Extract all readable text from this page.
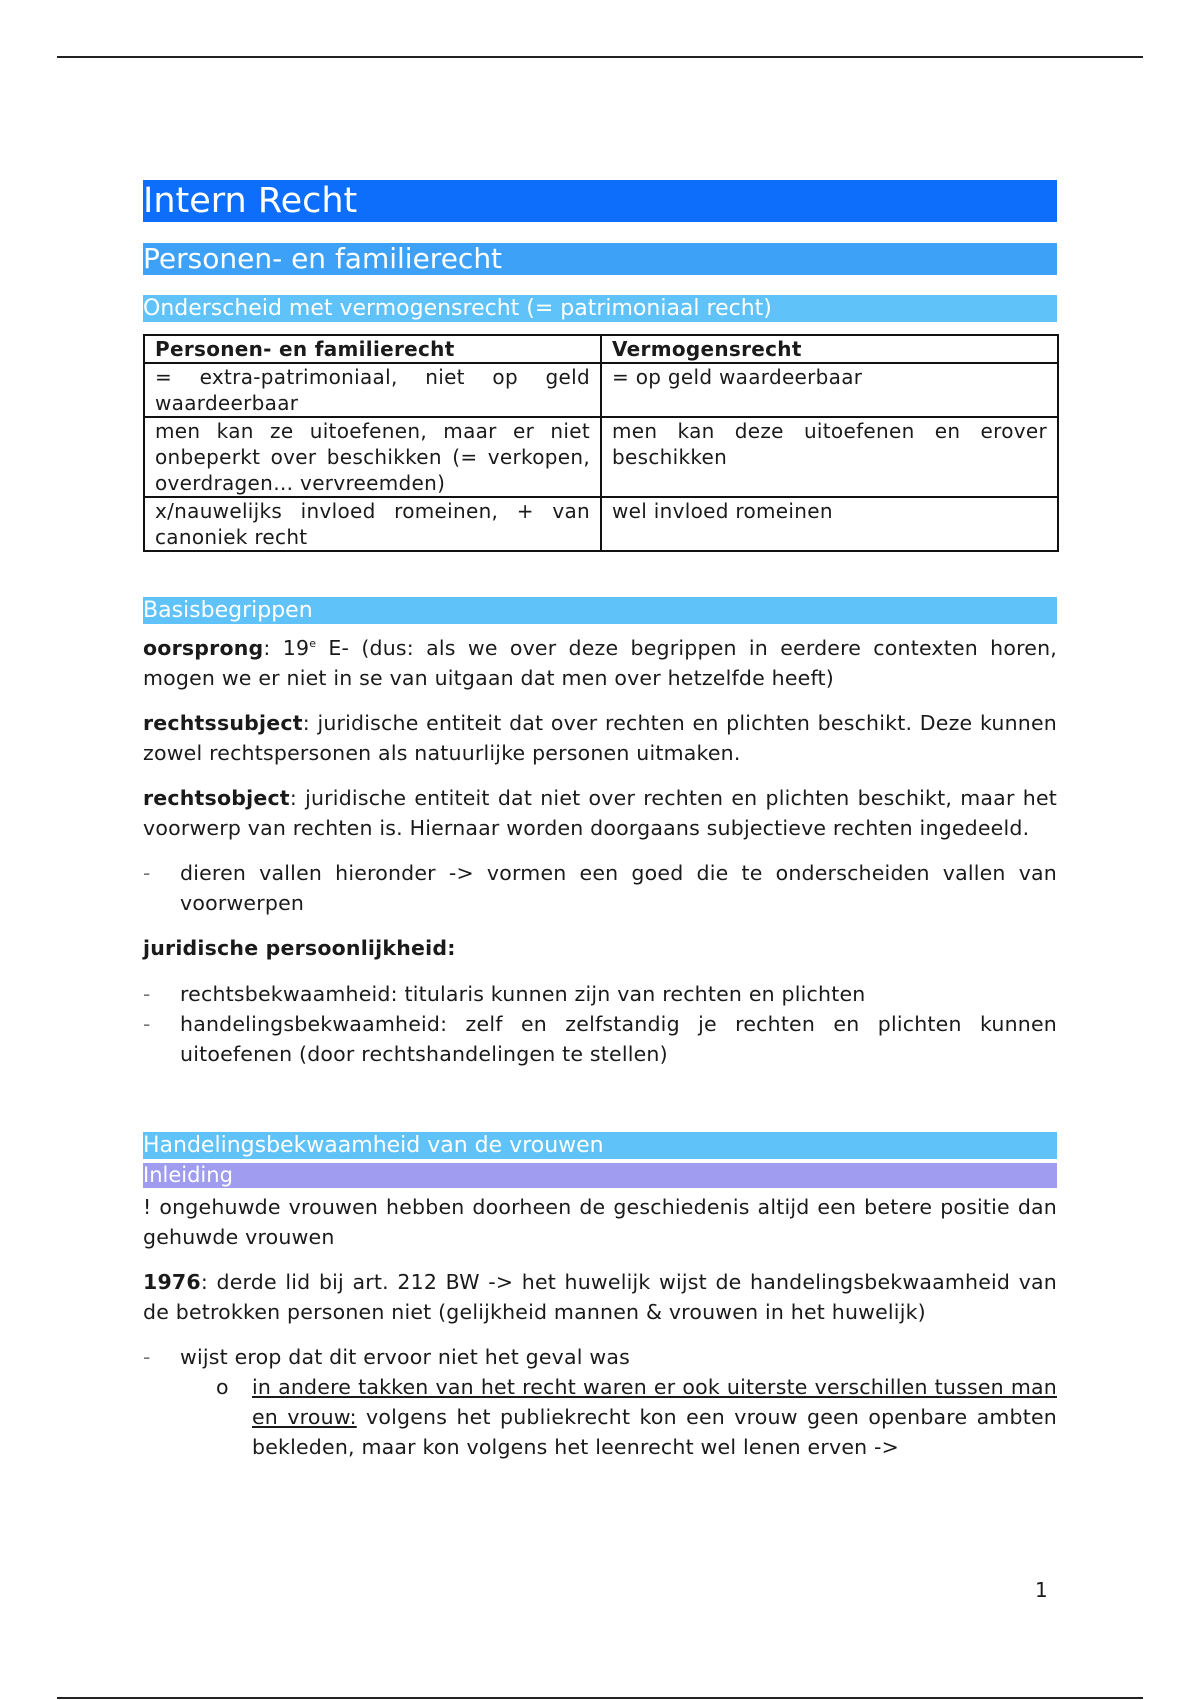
Intern Recht
Personen- en familierecht
Onderscheid met vermogensrecht (= patrimoniaal recht)
Personen- en familierecht	Vermogensrecht
= extra-patrimoniaal, niet op geld waardeerbaar	= op geld waardeerbaar
men kan ze uitoefenen, maar er niet onbeperkt over beschikken (= verkopen, overdragen… vervreemden)	men kan deze uitoefenen en erover beschikken
x/nauwelijks invloed romeinen, + van canoniek recht	wel invloed romeinen
Basisbegrippen

oorsprong: 19e E- (dus: als we over deze begrippen in eerdere contexten horen, mogen we er niet in se van uitgaan dat men over hetzelfde heeft)

rechtssubject: juridische entiteit dat over rechten en plichten beschikt. Deze kunnen zowel rechtspersonen als natuurlijke personen uitmaken.

rechtsobject: juridische entiteit dat niet over rechten en plichten beschikt, maar het voorwerp van rechten is. Hiernaar worden doorgaans subjectieve rechten ingedeeld.

- dieren vallen hieronder -> vormen een goed die te onderscheiden vallen van voorwerpen

juridische persoonlijkheid:

- rechtsbekwaamheid: titularis kunnen zijn van rechten en plichten
- handelingsbekwaamheid: zelf en zelfstandig je rechten en plichten kunnen uitoefenen (door rechtshandelingen te stellen)
Handelingsbekwaamheid van de vrouwen
Inleiding

! ongehuwde vrouwen hebben doorheen de geschiedenis altijd een betere positie dan gehuwde vrouwen

1976: derde lid bij art. 212 BW -> het huwelijk wijst de handelingsbekwaamheid van de betrokken personen niet (gelijkheid mannen & vrouwen in het huwelijk)

- wijst erop dat dit ervoor niet het geval was
o in andere takken van het recht waren er ook uiterste verschillen tussen man en vrouw: volgens het publiekrecht kon een vrouw geen openbare ambten bekleden, maar kon volgens het leenrecht wel lenen erven ->
1
